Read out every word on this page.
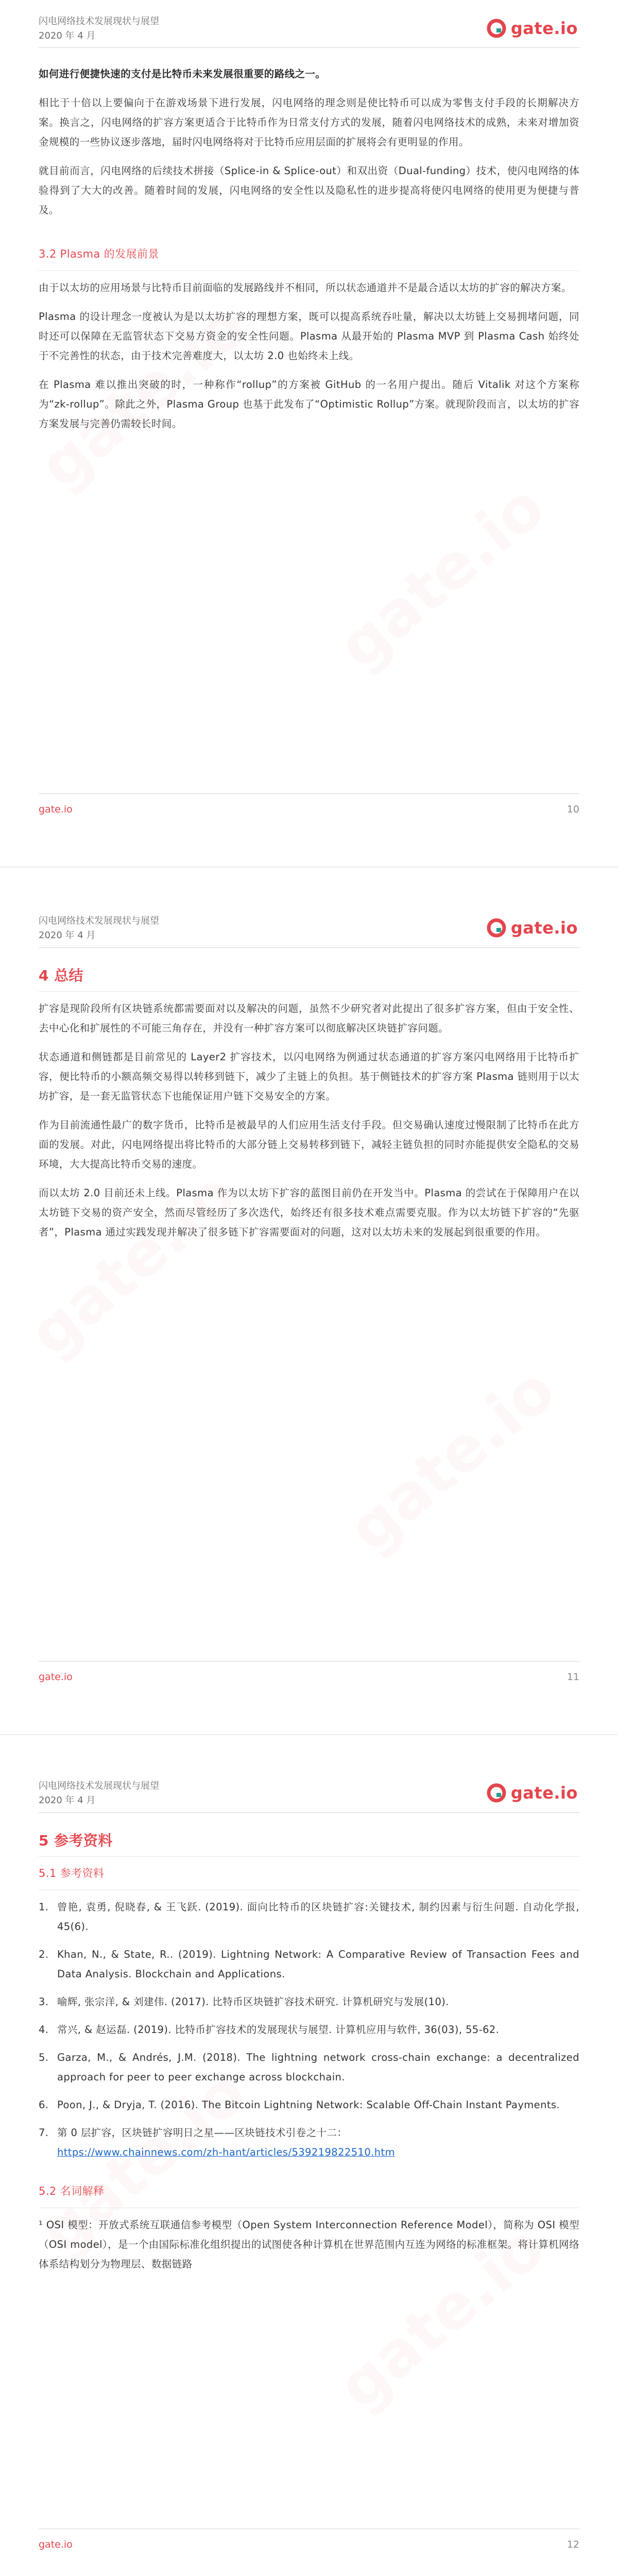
闪电网络技术发展现状与展望
2020 年 4 月	gate.io

如何进行便捷快速的支付是比特币未来发展很重要的路线之一。

相比于十倍以上要偏向于在游戏场景下进行发展，闪电网络的理念则是使比特币可以成为零售支付手段的长期解决方案。换言之，闪电网络的扩容方案更适合于比特币作为日常支付方式的发展，随着闪电网络技术的成熟，未来对增加资金规模的一些协议逐步落地，届时闪电网络将对于比特币应用层面的扩展将会有更明显的作用。

就目前而言，闪电网络的后续技术拼接（Splice-in & Splice-out）和双出资（Dual-funding）技术，使闪电网络的体验得到了大大的改善。随着时间的发展，闪电网络的安全性以及隐私性的进步提高将使闪电网络的使用更为便捷与普及。

3.2 Plasma 的发展前景

由于以太坊的应用场景与比特币目前面临的发展路线并不相同，所以状态通道并不是最合适以太坊的扩容的解决方案。

Plasma 的设计理念一度被认为是以太坊扩容的理想方案，既可以提高系统吞吐量，解决以太坊链上交易拥堵问题，同时还可以保障在无监管状态下交易方资金的安全性问题。Plasma 从最开始的 Plasma MVP 到 Plasma Cash 始终处于不完善性的状态，由于技术完善难度大，以太坊 2.0 也始终未上线。

在 Plasma 难以推出突破的时，一种称作“rollup”的方案被 GitHub 的一名用户提出。随后 Vitalik 对这个方案称为“zk-rollup”。除此之外，Plasma Group 也基于此发布了“Optimistic Rollup”方案。就现阶段而言，以太坊的扩容方案发展与完善仍需较长时间。

gate.io	10
闪电网络技术发展现状与展望
2020 年 4 月	gate.io
4 总结

扩容是现阶段所有区块链系统都需要面对以及解决的问题，虽然不少研究者对此提出了很多扩容方案，但由于安全性、去中心化和扩展性的不可能三角存在，并没有一种扩容方案可以彻底解决区块链扩容问题。

状态通道和侧链都是目前常见的 Layer2 扩容技术，以闪电网络为例通过状态通道的扩容方案闪电网络用于比特币扩容，便比特币的小额高频交易得以转移到链下，减少了主链上的负担。基于侧链技术的扩容方案 Plasma 链则用于以太坊扩容，是一套无监管状态下也能保证用户链下交易安全的方案。

作为目前流通性最广的数字货币，比特币是被最早的人们应用生活支付手段。但交易确认速度过慢限制了比特币在此方面的发展。对此，闪电网络提出将比特币的大部分链上交易转移到链下，减轻主链负担的同时亦能提供安全隐私的交易环境，大大提高比特币交易的速度。

而以太坊 2.0 目前还未上线。Plasma 作为以太坊下扩容的蓝图目前仍在开发当中。Plasma 的尝试在于保障用户在以太坊链下交易的资产安全，然而尽管经历了多次迭代，始终还有很多技术难点需要克服。作为以太坊链下扩容的“先驱者”，Plasma 通过实践发现并解决了很多链下扩容需要面对的问题，这对以太坊未来的发展起到很重要的作用。

gate.io	11
闪电网络技术发展现状与展望
2020 年 4 月	gate.io
5 参考资料
5.1 参考资料
1. 曾艳, 袁勇, 倪晓春, & 王飞跃. (2019). 面向比特币的区块链扩容:关键技术, 制约因素与衍生问题. 自动化学报, 45(6).
2. Khan, N., & State, R.. (2019). Lightning Network: A Comparative Review of Transaction Fees and Data Analysis. Blockchain and Applications.
3. 喻辉, 张宗洋, & 刘建伟. (2017). 比特币区块链扩容技术研究. 计算机研究与发展(10).
4. 常兴, & 赵运磊. (2019). 比特币扩容技术的发展现状与展望. 计算机应用与软件, 36(03), 55-62.
5. Garza, M., & Andrés, J.M. (2018). The lightning network cross-chain exchange: a decentralized approach for peer to peer exchange across blockchain.
6. Poon, J., & Dryja, T. (2016). The Bitcoin Lightning Network: Scalable Off-Chain Instant Payments.
7. 第 0 层扩容，区块链扩容明日之星——区块链技术引卷之十二：
https://www.chainnews.com/zh-hant/articles/539219822510.htm
5.2 名词解释

¹ OSI 模型：开放式系统互联通信参考模型（Open System Interconnection Reference Model），简称为 OSI 模型（OSI model），是一个由国际标准化组织提出的试图使各种计算机在世界范围内互连为网络的标准框架。将计算机网络体系结构划分为物理层、数据链路

gate.io	12
